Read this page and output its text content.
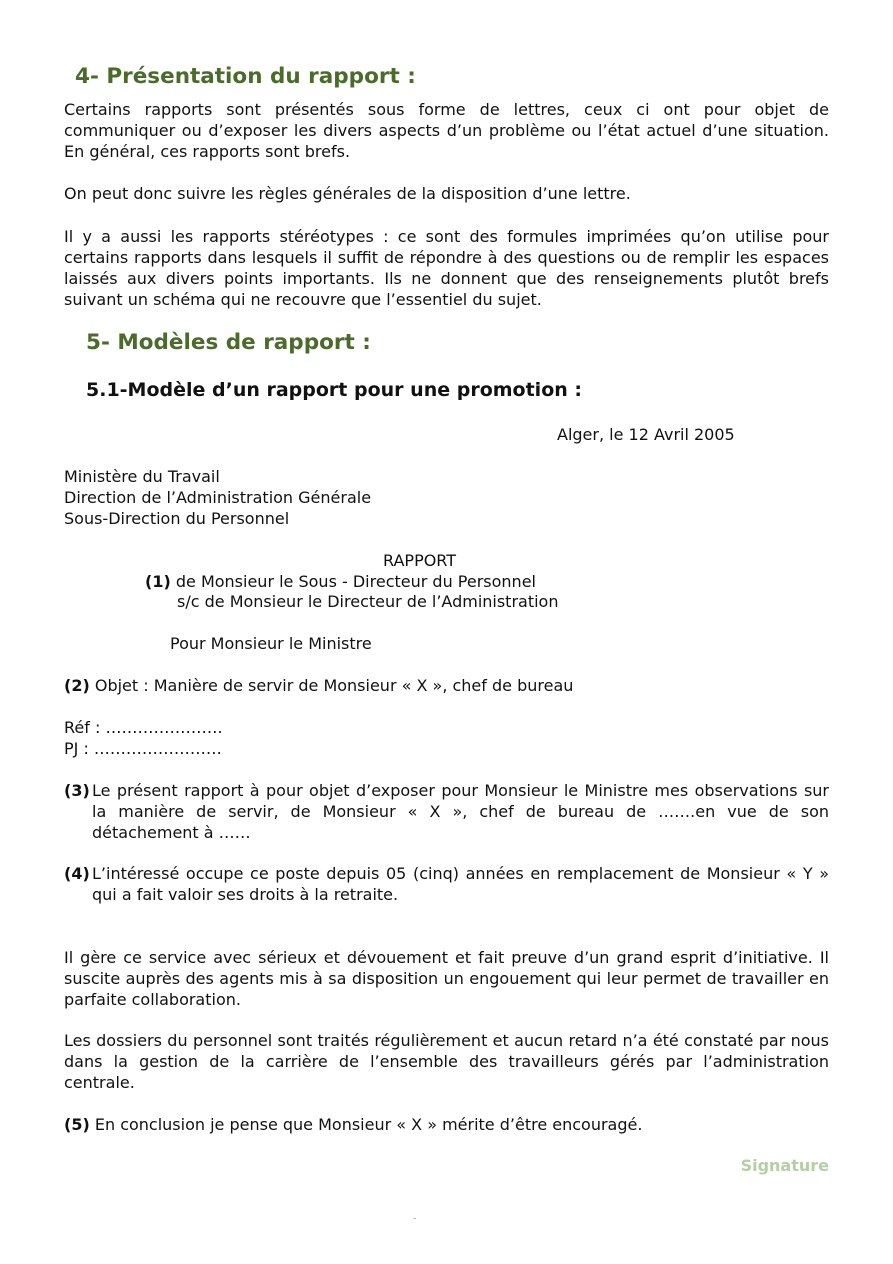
4- Présentation du rapport :
Certains rapports sont présentés sous forme de lettres, ceux ci ont pour objet de communiquer ou d’exposer les divers aspects d’un problème ou l’état actuel d’une situation. En général, ces rapports sont brefs.
On peut donc suivre les règles générales de la disposition d’une lettre.
Il y a aussi les rapports stéréotypes : ce sont des formules imprimées qu’on utilise pour certains rapports dans lesquels il suffit de répondre à des questions ou de remplir les espaces laissés aux divers points importants. Ils ne donnent que des renseignements plutôt brefs suivant un schéma qui ne recouvre que l’essentiel du sujet.
5- Modèles de rapport :
5.1-Modèle d’un rapport pour une promotion :
Alger, le 12 Avril 2005
Ministère du Travail
Direction de l’Administration Générale
Sous-Direction du Personnel
RAPPORT
(1) de Monsieur le Sous - Directeur du Personnel
s/c de Monsieur le Directeur de l’Administration
Pour Monsieur le Ministre
(2) Objet : Manière de servir de Monsieur « X », chef de bureau
Réf : ………………….
PJ : ……………………
(3) Le présent rapport à pour objet d’exposer pour Monsieur le Ministre mes observations sur la manière de servir, de Monsieur « X », chef de bureau de …….en vue de son détachement à ……
(4) L’intéressé occupe ce poste depuis 05 (cinq) années en remplacement de Monsieur « Y » qui a fait valoir ses droits à la retraite.
Il gère ce service avec sérieux et dévouement et fait preuve d’un grand esprit d’initiative. Il suscite auprès des agents mis à sa disposition un engouement qui leur permet de travailler en parfaite collaboration.
Les dossiers du personnel sont traités régulièrement et aucun retard n’a été constaté par nous dans la gestion de la carrière de l’ensemble des travailleurs gérés par l’administration centrale.
(5) En conclusion je pense que Monsieur « X » mérite d’être encouragé.
Signature
